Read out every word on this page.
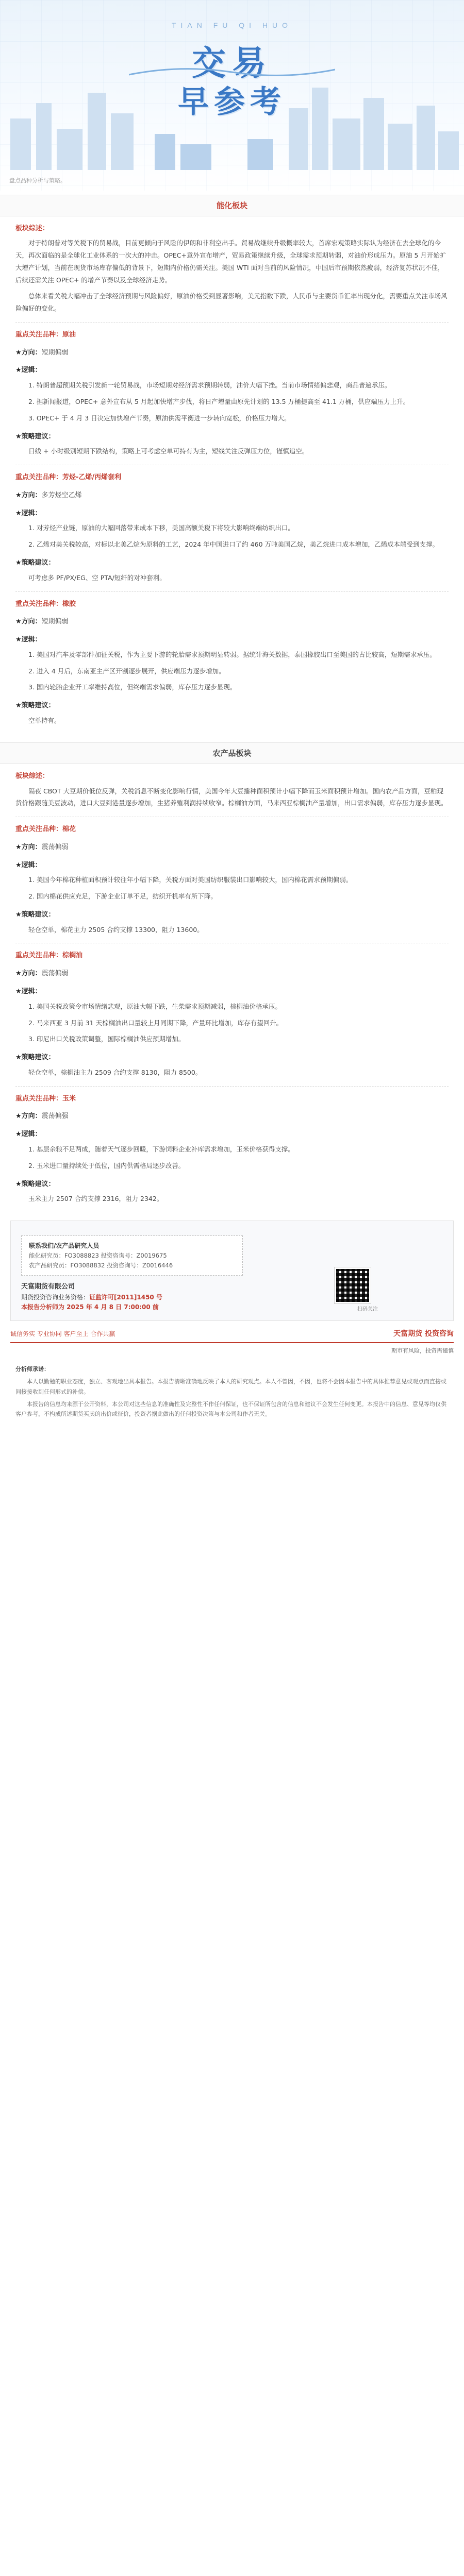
TIAN FU QI HUO
交易
早参考
盘点品种分析与策略。
能化板块
板块综述：

对于特朗普对等关税下的贸易战，目前更倾向于风险的伊朗和非利空出手。贸易战继续升级概率较大，首席宏观策略实际认为经济在去全球化的今天，再次面临的是全球化工业体系的一次大的冲击。OPEC+意外宣布增产，贸易政策继续升级，全球需求预期转弱，对油价形成压力。原油 5 月开始扩大增产计划，当前在现货市场库存偏低的背景下，短期内价格仍需关注。美国 WTI 面对当前的风险情况，中国后市预期依然疲弱，经济复苏状况不佳，后续还需关注 OPEC+ 的增产节奏以及全球经济走势。

总体来看关税大幅冲击了全球经济预期与风险偏好，原油价格受到显著影响，美元指数下跌，人民币与主要货币汇率出现分化，需要重点关注市场风险偏好的变化。

重点关注品种：原油
★方向：短期偏弱
★逻辑：

1. 特朗普超预期关税引发新一轮贸易战，市场短期对经济需求预期转弱，油价大幅下挫。当前市场情绪偏悲观，商品普遍承压。

2. 据新闻报道，OPEC+ 意外宣布从 5 月起加快增产步伐，将日产增量由原先计划的 13.5 万桶提高至 41.1 万桶，供应端压力上升。

3. OPEC+ 于 4 月 3 日决定加快增产节奏，原油供需平衡进一步转向宽松，价格压力增大。

★策略建议：

日线 + 小时级别短期下跌结构，策略上可考虑空单可持有为主，短线关注反弹压力位，谨慎追空。

重点关注品种：芳烃-乙烯/丙烯套利
★方向：多芳烃空乙烯
★逻辑：

1. 对芳烃产业链，原油的大幅回落带来成本下移，美国高额关税下将较大影响终端纺织出口。

2. 乙烯对美关税较高，对标以北美乙烷为原料的工艺，2024 年中国进口了约 460 万吨美国乙烷，美乙烷进口成本增加，乙烯成本端受到支撑。

★策略建议：

可考虑多 PF/PX/EG、空 PTA/短纤的对冲套利。

重点关注品种：橡胶
★方向：短期偏弱
★逻辑：

1. 美国对汽车及零部件加征关税，作为主要下游的轮胎需求预期明显转弱。据统计海关数据，泰国橡胶出口至美国的占比较高，短期需求承压。

2. 进入 4 月后，东南亚主产区开割逐步展开，供应端压力逐步增加。

3. 国内轮胎企业开工率维持高位，但终端需求偏弱，库存压力逐步显现。

★策略建议：

空单持有。

农产品板块
板块综述：

隔夜 CBOT 大豆期价低位反弹，关税消息不断变化影响行情，美国今年大豆播种面积预计小幅下降而玉米面积预计增加。国内农产品方面，豆粕现货价格跟随美豆波动，进口大豆到港量逐步增加，生猪养殖利润持续收窄。棕榈油方面，马来西亚棕榈油产量增加，出口需求偏弱，库存压力逐步显现。

重点关注品种：棉花
★方向：震荡偏弱
★逻辑：

1. 美国今年棉花种植面积预计较往年小幅下降，关税方面对美国纺织服装出口影响较大，国内棉花需求预期偏弱。

2. 国内棉花供应充足，下游企业订单不足，纺织开机率有所下降。

★策略建议：

轻仓空单，棉花主力 2505 合约支撑 13300，阻力 13600。

重点关注品种：棕榈油
★方向：震荡偏弱
★逻辑：

1. 美国关税政策令市场情绪悲观，原油大幅下跌，生柴需求预期减弱，棕榈油价格承压。

2. 马来西亚 3 月前 31 天棕榈油出口量较上月同期下降，产量环比增加，库存有望回升。

3. 印尼出口关税政策调整，国际棕榈油供应预期增加。

★策略建议：

轻仓空单，棕榈油主力 2509 合约支撑 8130，阻力 8500。

重点关注品种：玉米
★方向：震荡偏强
★逻辑：

1. 基层余粮不足两成，随着天气逐步回暖，下游饲料企业补库需求增加，玉米价格获得支撑。

2. 玉米进口量持续处于低位，国内供需格局逐步改善。

★策略建议：

玉米主力 2507 合约支撑 2316，阻力 2342。

联系我们/农产品研究人员
能化研究员：FO3088823 投资咨询号：Z0019675
农产品研究员：FO3088832 投资咨询号：Z0016446
天富期货有限公司
期货投资咨询业务资格：证监许可[2011]1450 号
本报告分析师为 2025 年 4 月 8 日 7:00:00 前	扫码关注
诚信务实 专业协同 客户至上 合作共赢	天富期货 投资咨询
期市有风险，投资需谨慎
分析师承诺：

本人以勤勉的职业态度，独立、客观地出具本报告。本报告清晰准确地反映了本人的研究观点。本人不曾因，不因，也将不会因本报告中的具体推荐意见或观点而直接或间接接收到任何形式的补偿。

本报告的信息均来源于公开资料，本公司对这些信息的准确性及完整性不作任何保证，也不保证所包含的信息和建议不会发生任何变更。本报告中的信息、意见等均仅供客户参考，不构成所述期货买卖的出价或征价，投资者据此做出的任何投资决策与本公司和作者无关。
